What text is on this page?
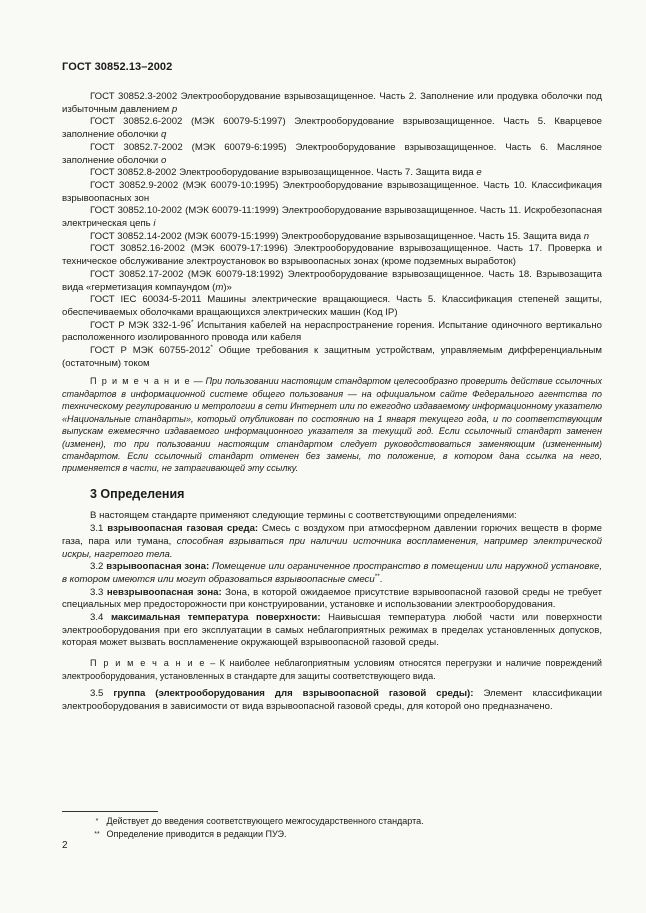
ГОСТ 30852.13–2002

ГОСТ 30852.3-2002 Электрооборудование взрывозащищенное. Часть 2. Заполнение или продувка оболочки под избыточным давлением p

ГОСТ 30852.6-2002 (МЭК 60079-5:1997) Электрооборудование взрывозащищенное. Часть 5. Кварцевое заполнение оболочки q

ГОСТ 30852.7-2002 (МЭК 60079-6:1995) Электрооборудование взрывозащищенное. Часть 6. Масляное заполнение оболочки o

ГОСТ 30852.8-2002 Электрооборудование взрывозащищенное. Часть 7. Защита вида e

ГОСТ 30852.9-2002 (МЭК 60079-10:1995) Электрооборудование взрывозащищенное. Часть 10. Классификация взрывоопасных зон

ГОСТ 30852.10-2002 (МЭК 60079-11:1999) Электрооборудование взрывозащищенное. Часть 11. Искробезопасная электрическая цепь i

ГОСТ 30852.14-2002 (МЭК 60079-15:1999) Электрооборудование взрывозащищенное. Часть 15. Защита вида n

ГОСТ 30852.16-2002 (МЭК 60079-17:1996) Электрооборудование взрывозащищенное. Часть 17. Проверка и техническое обслуживание электроустановок во взрывоопасных зонах (кроме подземных выработок)

ГОСТ 30852.17-2002 (МЭК 60079-18:1992) Электрооборудование взрывозащищенное. Часть 18. Взрывозащита вида «герметизация компаундом (m)»

ГОСТ IEC 60034-5-2011 Машины электрические вращающиеся. Часть 5. Классификация степеней защиты, обеспечиваемых оболочками вращающихся электрических машин (Код IP)

ГОСТ Р МЭК 332-1-96* Испытания кабелей на нераспространение горения. Испытание одиночного вертикально расположенного изолированного провода или кабеля

ГОСТ Р МЭК 60755-2012* Общие требования к защитным устройствам, управляемым дифференциальным (остаточным) током

П р и м е ч а н и е — При пользовании настоящим стандартом целесообразно проверить действие ссылочных стандартов в информационной системе общего пользования — на официальном сайте Федерального агентства по техническому регулированию и метрологии в сети Интернет или по ежегодно издаваемому информационному указателю «Национальные стандарты», который опубликован по состоянию на 1 января текущего года, и по соответствующим выпускам ежемесячно издаваемого информационного указателя за текущий год. Если ссылочный стандарт заменен (изменен), то при пользовании настоящим стандартом следует руководствоваться заменяющим (измененным) стандартом. Если ссылочный стандарт отменен без замены, то положение, в котором дана ссылка на него, применяется в части, не затрагивающей эту ссылку.

3 Определения

В настоящем стандарте применяют следующие термины с соответствующими определениями:

3.1 взрывоопасная газовая среда: Смесь с воздухом при атмосферном давлении горючих веществ в форме газа, пара или тумана, способная взрываться при наличии источника воспламенения, например электрической искры, нагретого тела.

3.2 взрывоопасная зона: Помещение или ограниченное пространство в помещении или наружной установке, в котором имеются или могут образоваться взрывоопасные смеси**.

3.3 невзрывоопасная зона: Зона, в которой ожидаемое присутствие взрывоопасной газовой среды не требует специальных мер предосторожности при конструировании, установке и использовании электрооборудования.

3.4 максимальная температура поверхности: Наивысшая температура любой части или поверхности электрооборудования при его эксплуатации в самых неблагоприятных режимах в пределах установленных допусков, которая может вызвать воспламенение окружающей взрывоопасной газовой среды.

П р и м е ч а н и е – К наиболее неблагоприятным условиям относятся перегрузки и наличие повреждений электрооборудования, установленных в стандарте для защиты соответствующего вида.

3.5 группа (электрооборудования для взрывоопасной газовой среды): Элемент классификации электрооборудования в зависимости от вида взрывоопасной газовой среды, для которой оно предназначено.

* Действует до введения соответствующего межгосударственного стандарта.
** Определение приводится в редакции ПУЭ.
2
